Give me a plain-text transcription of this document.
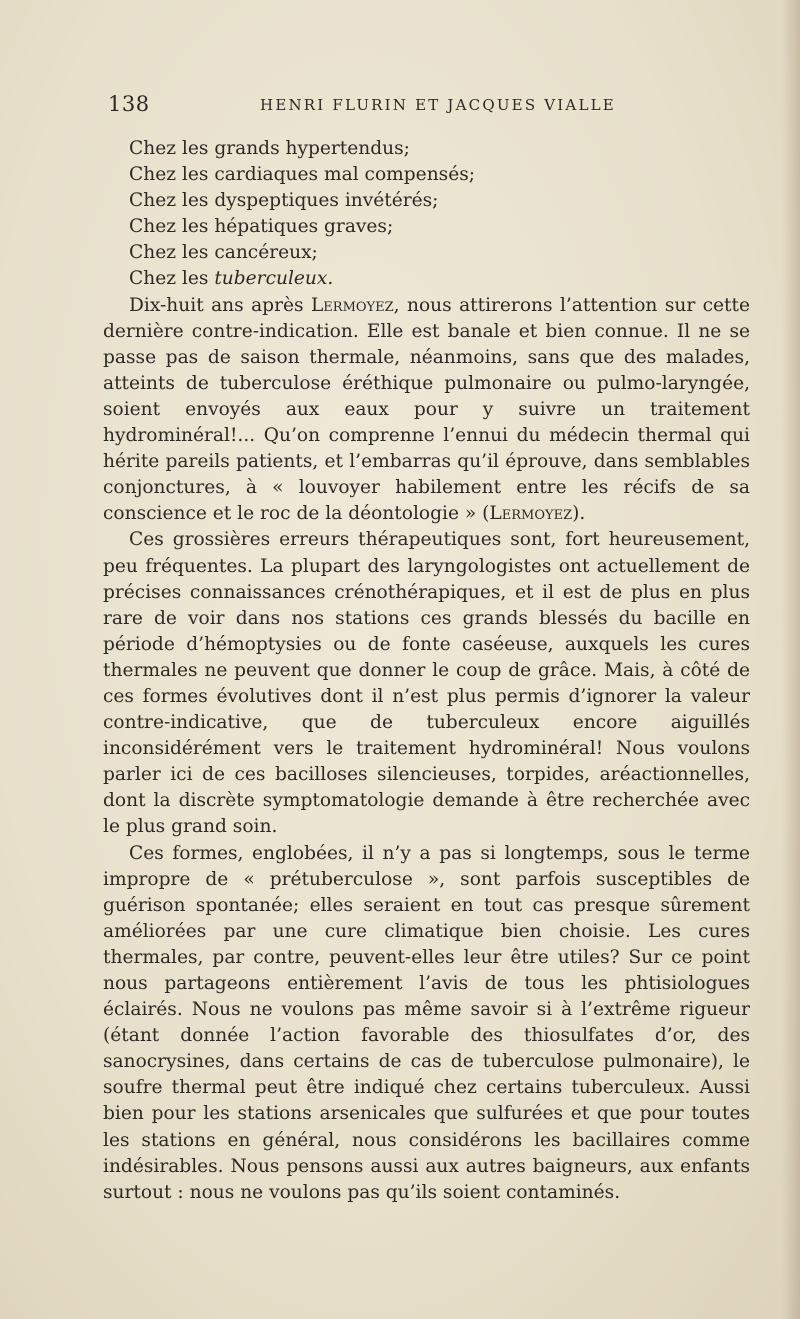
138	HENRI FLURIN ET JACQUES VIALLE

Chez les grands hypertendus;

Chez les cardiaques mal compensés;

Chez les dyspeptiques invétérés;

Chez les hépatiques graves;

Chez les cancéreux;

Chez les tuberculeux.

Dix-huit ans après Lermoyez, nous attirerons l’attention sur cette dernière contre-indication. Elle est banale et bien connue. Il ne se passe pas de saison thermale, néanmoins, sans que des malades, atteints de tuberculose éréthique pulmonaire ou pulmo-laryngée, soient envoyés aux eaux pour y suivre un traitement hydrominéral!... Qu’on comprenne l’ennui du médecin thermal qui hérite pareils patients, et l’embarras qu’il éprouve, dans semblables conjonctures, à « louvoyer habilement entre les récifs de sa conscience et le roc de la déontologie » (Lermoyez).

Ces grossières erreurs thérapeutiques sont, fort heureusement, peu fréquentes. La plupart des laryngologistes ont actuellement de précises connaissances crénothérapiques, et il est de plus en plus rare de voir dans nos stations ces grands blessés du bacille en période d’hémoptysies ou de fonte caséeuse, auxquels les cures thermales ne peuvent que donner le coup de grâce. Mais, à côté de ces formes évolutives dont il n’est plus permis d’ignorer la valeur contre-indicative, que de tuberculeux encore aiguillés inconsidérément vers le traitement hydrominéral! Nous voulons parler ici de ces bacilloses silencieuses, torpides, aréactionnelles, dont la discrète symptomatologie demande à être recherchée avec le plus grand soin.

Ces formes, englobées, il n’y a pas si longtemps, sous le terme impropre de « prétuberculose », sont parfois susceptibles de guérison spontanée; elles seraient en tout cas presque sûrement améliorées par une cure climatique bien choisie. Les cures thermales, par contre, peuvent-elles leur être utiles? Sur ce point nous partageons entièrement l’avis de tous les phtisiologues éclairés. Nous ne voulons pas même savoir si à l’extrême rigueur (étant donnée l’action favorable des thiosulfates d’or, des sanocrysines, dans certains de cas de tuberculose pulmonaire), le soufre thermal peut être indiqué chez certains tuberculeux. Aussi bien pour les stations arsenicales que sulfurées et que pour toutes les stations en général, nous considérons les bacillaires comme indésirables. Nous pensons aussi aux autres baigneurs, aux enfants surtout : nous ne voulons pas qu’ils soient contaminés.
